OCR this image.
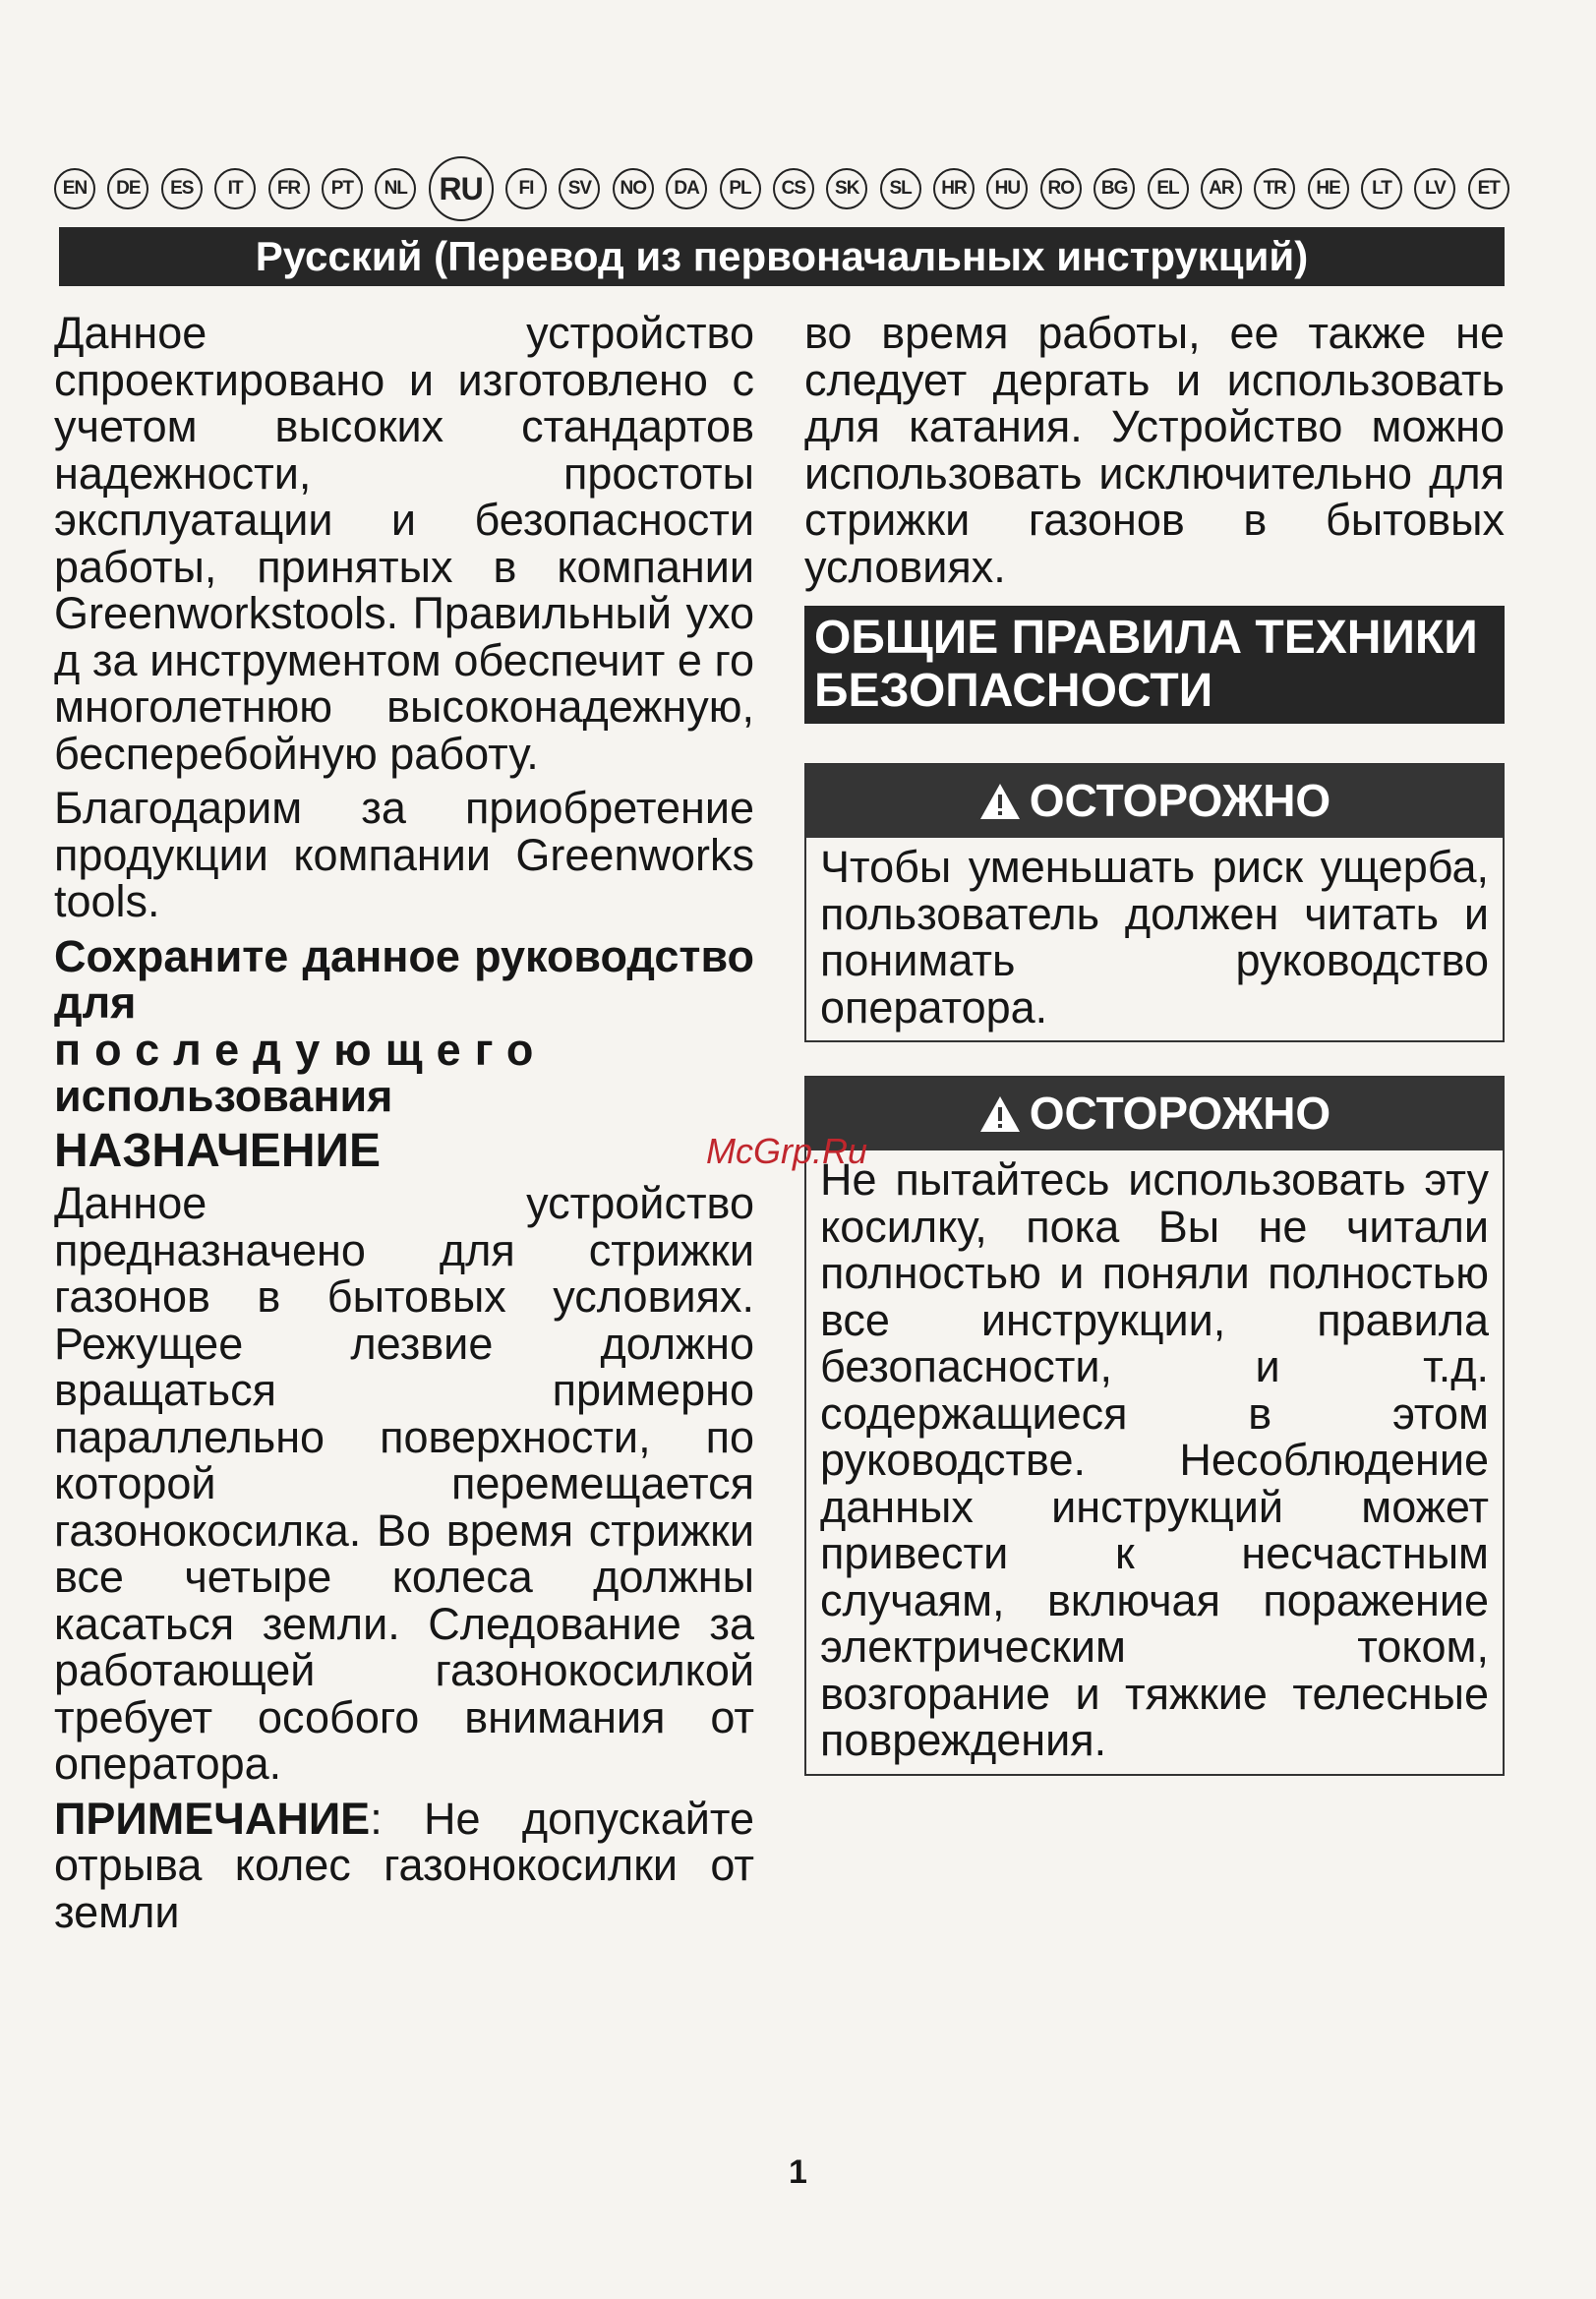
EN	DE	ES	IT	FR	PT	NL	RU	FI	SV	NO	DA	PL	CS	SK	SL	HR	HU	RO	BG	EL	AR	TR	HE	LT	LV	ET
Русский (Перевод из первоначальных инструкций)

Данное устройство спроектировано и изготовлено с учетом высоких стандартов надежности, простоты эксплуатации и безопасности работы, принятых в компании Greenworkstools. Правильный ухо д за инструментом обеспечит е го многолетнюю высоконадежную, бесперебойную работу.

Благодарим за приобретение продукции компании Greenworks tools.

Сохраните данное руководство для

последующего

использования

НАЗНАЧЕНИЕ

Данное устройство предназначено для стрижки газонов в бытовых условиях. Режущее лезвие должно вращаться примерно параллельно поверхности, по которой перемещается газонокосилка. Во время стрижки все четыре колеса должны касаться земли. Следование за работающей газонокосилкой требует особого внимания от оператора.

ПРИМЕЧАНИЕ: Не допускайте отрыва колес газонокосилки от земли

во время работы, ее также не следует дергать и использовать для катания. Устройство можно использовать исключительно для стрижки газонов в бытовых условиях.

ОБЩИЕ ПРАВИЛА ТЕХНИКИ БЕЗОПАСНОСТИ
ОСТОРОЖНО
Чтобы уменьшать риск ущерба, пользователь должен читать и понимать руководство оператора.
ОСТОРОЖНО
Не пытайтесь использовать эту косилку, пока Вы не читали полностью и поняли полностью все инструкции, правила безопасности, и т.д. содержащиеся в этом руководстве. Несоблюдение данных инструкций может привести к несчастным случаям, включая поражение электрическим током, возгорание и тяжкие телесные повреждения.
McGrp.Ru
1
